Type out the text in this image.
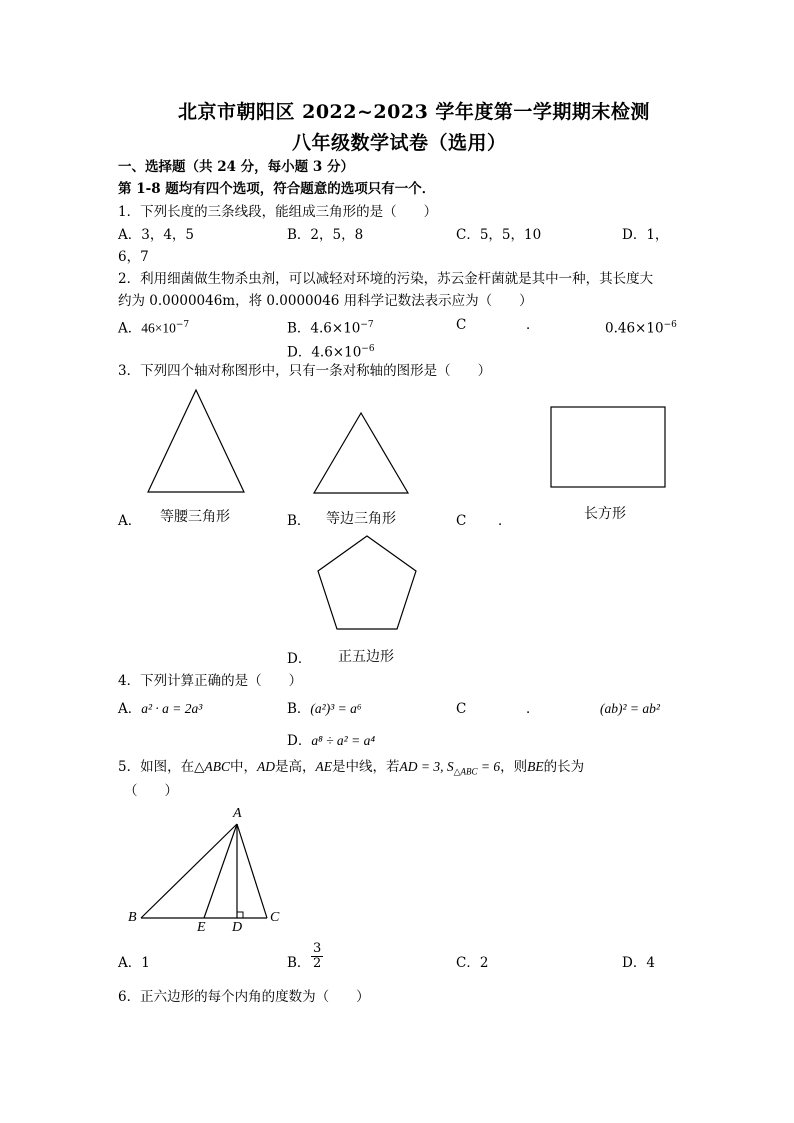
北京市朝阳区 2022~2023 学年度第一学期期末检测
八年级数学试卷（选用）
一、选择题（共 24 分，每小题 3 分）
第 1-8 题均有四个选项，符合题意的选项只有一个．
1．下列长度的三条线段，能组成三角形的是（　　）
A．3，4，5	B．2，5，8	C．5，5，10	D．1，
6，7
2．利用细菌做生物杀虫剂，可以减轻对环境的污染，苏云金杆菌就是其中一种，其长度大
约为 0.0000046m，将 0.0000046 用科学记数法表示应为（　　）
A．$46\times 10^{-7}$	B．$4.6\times 10^{-7}$	C	．	$0.46\times 10^{-6}$
D．$4.6\times 10^{-6}$
3．下列四个轴对称图形中，只有一条对称轴的图形是（　　）
A． 等腰三角形	B． 等边三角形	C ．	长方形
D． 正五边形
4．下列计算正确的是（　　）
A．a² · a = 2a³	B．(a²)³ = a⁶	C	．	(ab)² = ab²
D．a⁸ ÷ a² = a⁴
5．如图，在△ABC中，AD是高，AE是中线，若AD = 3, $S_{\triangle ABC} = 6$，则BE的长为
（　　）
A
B	C
D
E
A．1	B． $\frac{3}{2}$	C．2	D．4
6．正六边形的每个内角的度数为（　　）
